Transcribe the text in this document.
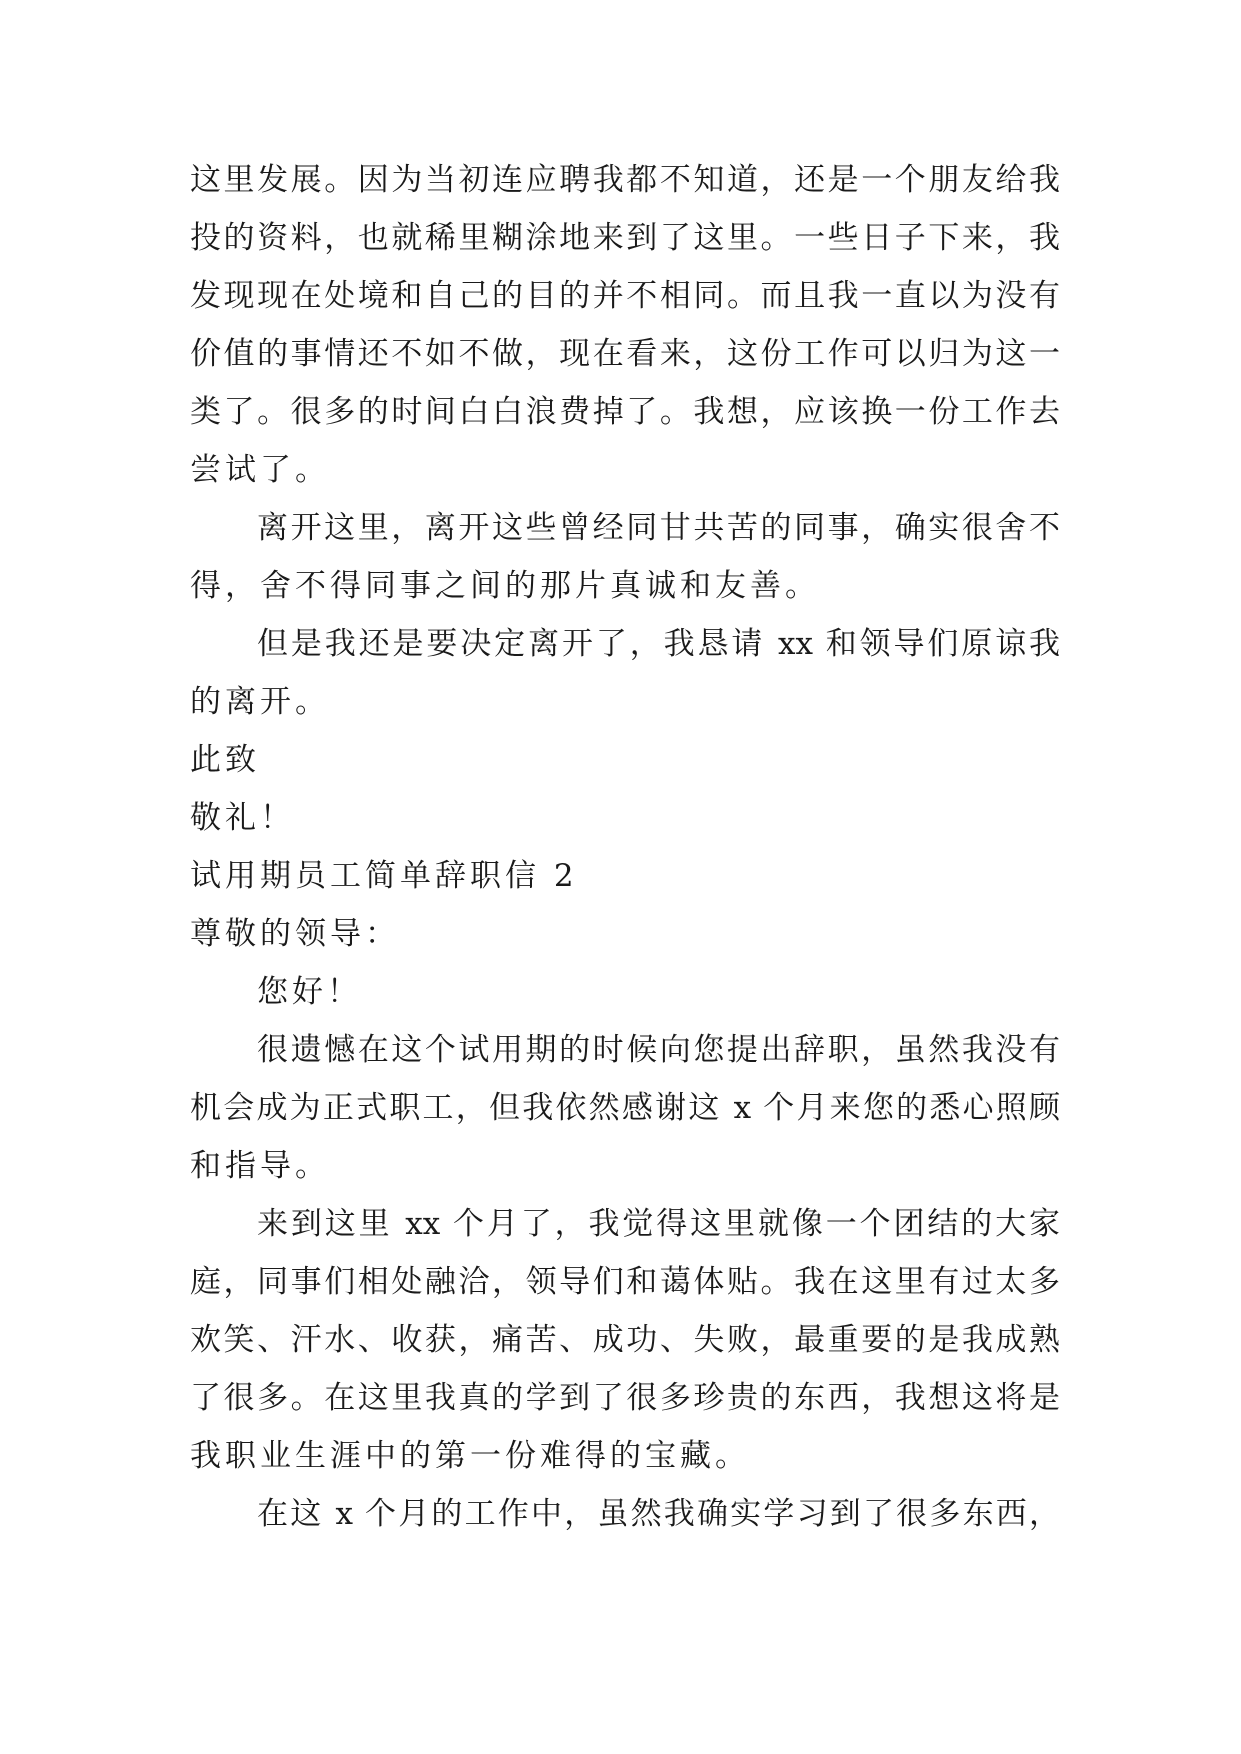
这里发展。因为当初连应聘我都不知道，还是一个朋友给我
投的资料，也就稀里糊涂地来到了这里。一些日子下来，我
发现现在处境和自己的目的并不相同。而且我一直以为没有
价值的事情还不如不做，现在看来，这份工作可以归为这一
类了。很多的时间白白浪费掉了。我想，应该换一份工作去
尝试了。
离开这里，离开这些曾经同甘共苦的同事，确实很舍不
得，舍不得同事之间的那片真诚和友善。
但是我还是要决定离开了，我恳请 xx 和领导们原谅我
的离开。
此致
敬礼！
试用期员工简单辞职信 2
尊敬的领导：
您好！
很遗憾在这个试用期的时候向您提出辞职，虽然我没有
机会成为正式职工，但我依然感谢这 x 个月来您的悉心照顾
和指导。
来到这里 xx 个月了，我觉得这里就像一个团结的大家
庭，同事们相处融洽，领导们和蔼体贴。我在这里有过太多
欢笑、汗水、收获，痛苦、成功、失败，最重要的是我成熟
了很多。在这里我真的学到了很多珍贵的东西，我想这将是
我职业生涯中的第一份难得的宝藏。
在这 x 个月的工作中，虽然我确实学习到了很多东西，
